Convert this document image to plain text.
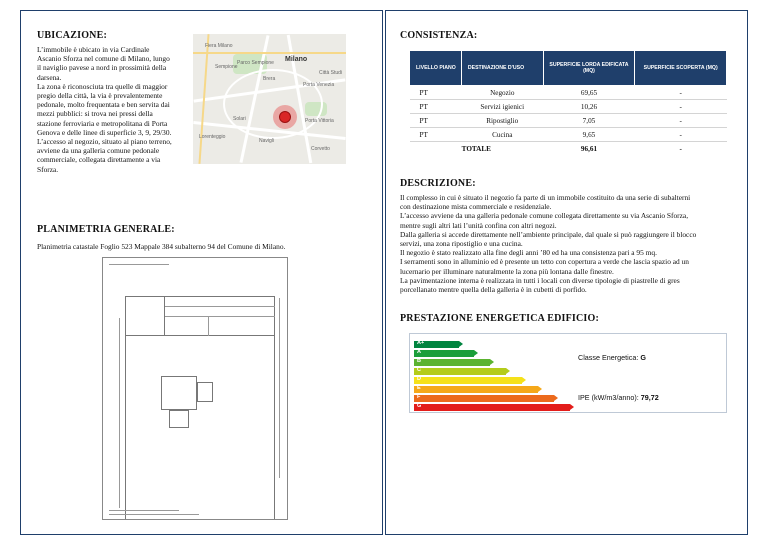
UBICAZIONE:
L’immobile è ubicato in via Cardinale
Ascanio Sforza nel comune di Milano, lungo
il naviglio pavese a nord in prossimità della
darsena.
La zona è riconosciuta tra quelle di maggior
pregio della città, la via è prevalentemente
pedonale, molto frequentata e ben servita dai
mezzi pubblici: si trova nei pressi della
stazione ferroviaria e metropolitana di Porta
Genova e delle linee di superficie 3, 9, 29/30.
L’accesso al negozio, situato al piano terreno,
avviene da una galleria comune pedonale
commerciale, collegata direttamente a via
Sforza.
Fiera Milano
Milano
Sempione
Brera
Porta Venezia
Città Studi
Porta Vittoria
Corvetto
Lorenteggio
Solari
Navigli
Parco Sempione
PLANIMETRIA GENERALE:
Planimetria catastale Foglio 523 Mappale 384 subalterno 94 del Comune di Milano.
CONSISTENZA:
LIVELLO PIANO	DESTINAZIONE D'USO	SUPERFICIE LORDA EDIFICATA (MQ)	SUPERFICIE SCOPERTA (MQ)
PT	Negozio	69,65	-
PT	Servizi igienici	10,26	-
PT	Ripostiglio	7,05	-
PT	Cucina	9,65	-
TOTALE		96,61	-
DESCRIZIONE:
Il complesso in cui è situato il negozio fa parte di un immobile costituito da una serie di subalterni
con destinazione mista commerciale e residenziale.
L’accesso avviene da una galleria pedonale comune collegata direttamente su via Ascanio Sforza,
mentre sugli altri lati l’unità confina con altri negozi.
Dalla galleria si accede direttamente nell’ambiente principale, dal quale si può raggiungere il blocco
servizi, una zona ripostiglio e una cucina.
Il negozio è stato realizzato alla fine degli anni ’80 ed ha una consistenza pari a 95 mq.
I serramenti sono in alluminio ed è presente un tetto con copertura a verde che lascia spazio ad un
lucernario per illuminare naturalmente la zona più lontana dalle finestre.
La pavimentazione interna è realizzata in tutti i locali con diverse tipologie di piastrelle di gres
porcellanato mentre quella della galleria è in cubetti di porfido.
PRESTAZIONE ENERGETICA EDIFICIO:
A+
A
B
C
D
E
F
G
Classe Energetica: G
IPE (kW/m3/anno): 79,72
